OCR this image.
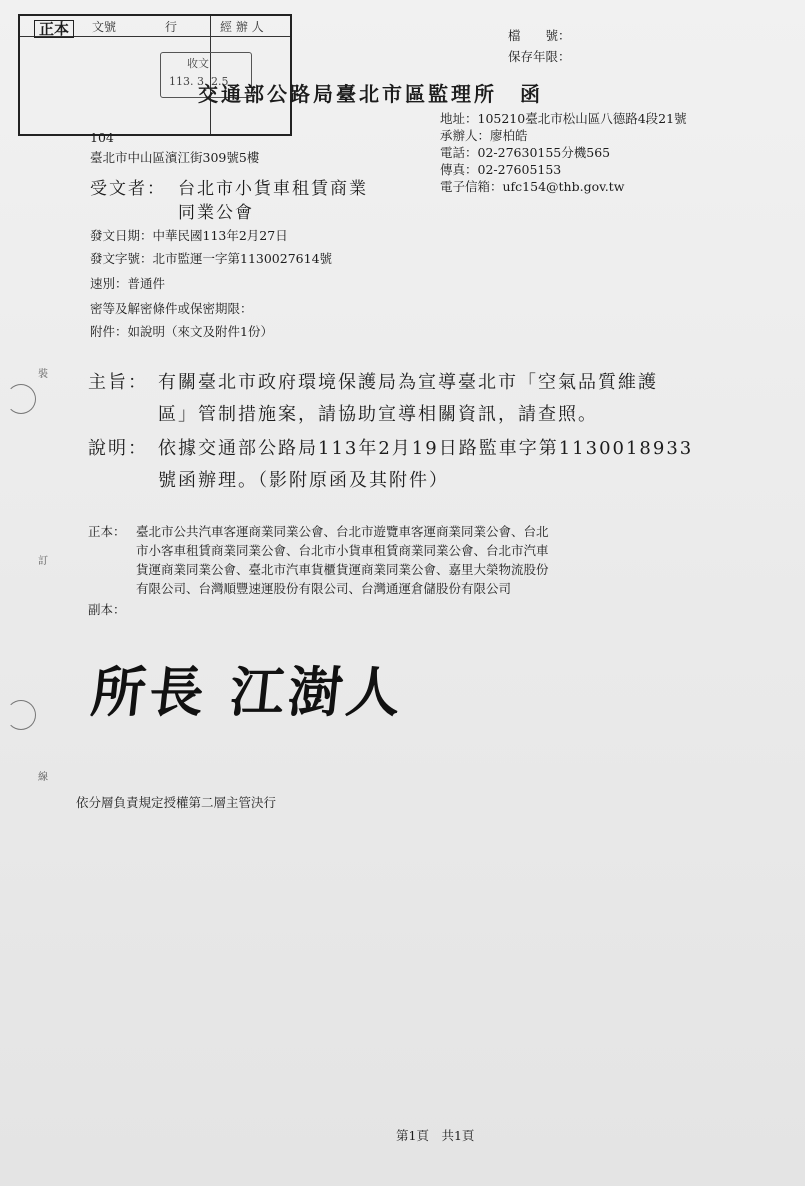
正本	文號	行	經 辦 人
收文
113. 3. 2.5
檔　　號：
保存年限：
交通部公路局臺北市區監理所　函
地址：105210臺北市松山區八德路4段21號
承辦人：廖柏皓
電話：02-27630155分機565
傳真：02-27605153
電子信箱：ufc154@thb.gov.tw
104
臺北市中山區濱江街309號5樓
受文者： 台北市小貨車租賃商業
同業公會
發文日期：中華民國113年2月27日
發文字號：北市監運一字第1130027614號
速別：普通件
密等及解密條件或保密期限：
附件：如說明（來文及附件1份）
主旨： 有關臺北市政府環境保護局為宣導臺北市「空氣品質維護
區」管制措施案，請協助宣導相關資訊，請查照。
說明： 依據交通部公路局113年2月19日路監車字第1130018933
號函辦理。（影附原函及其附件）
正本： 臺北市公共汽車客運商業同業公會、台北市遊覽車客運商業同業公會、台北
市小客車租賃商業同業公會、台北市小貨車租賃商業同業公會、台北市汽車
貨運商業同業公會、臺北市汽車貨櫃貨運商業同業公會、嘉里大榮物流股份
有限公司、台灣順豐速運股份有限公司、台灣通運倉儲股份有限公司
副本：
所長 江澍人
依分層負責規定授權第二層主管決行
第1頁　共1頁
裝
訂
線
